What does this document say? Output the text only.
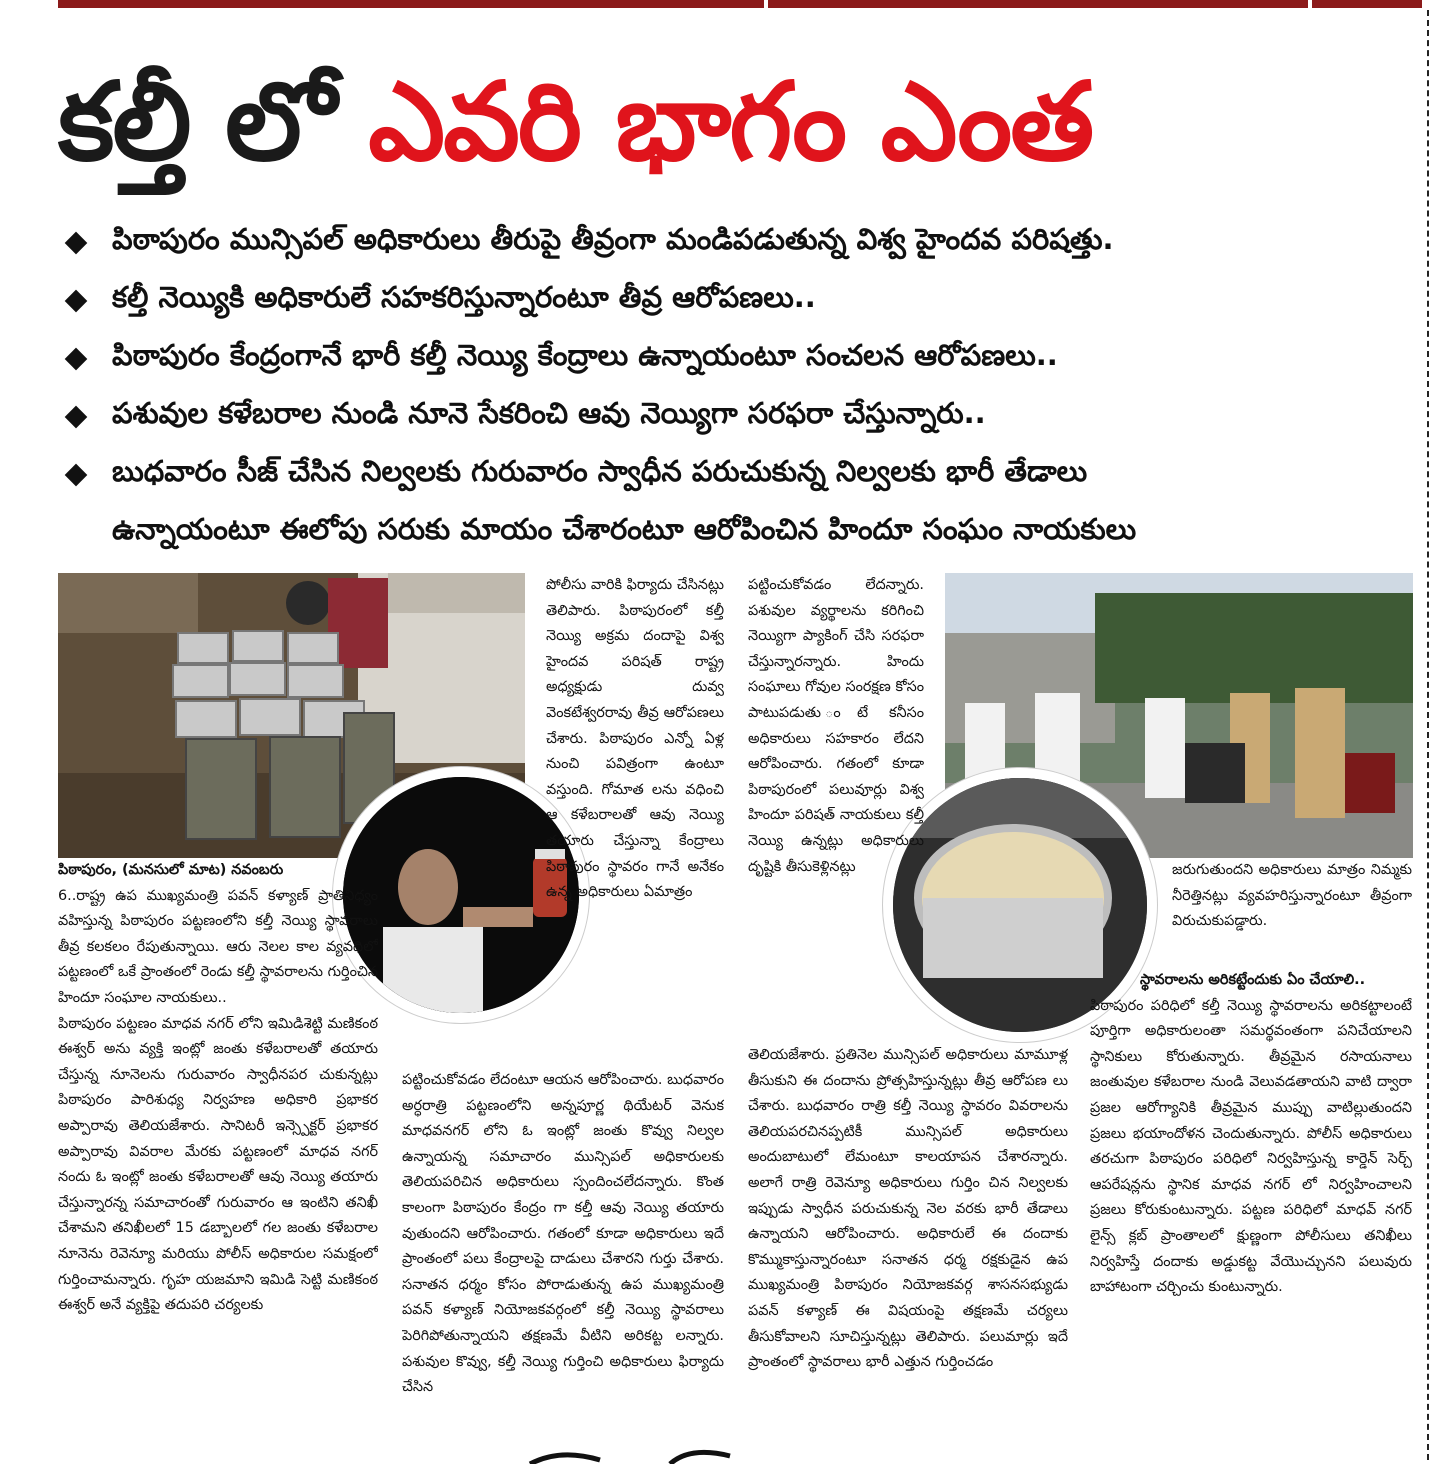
కల్తీ లో ఎవరి భాగం ఎంత
పిఠాపురం మున్సిపల్ అధికారులు తీరుపై తీవ్రంగా మండిపడుతున్న విశ్వ హైందవ పరిషత్తు.
కల్తీ నెయ్యికి అధికారులే సహకరిస్తున్నారంటూ తీవ్ర ఆరోపణలు..
పిఠాపురం కేంద్రంగానే భారీ కల్తీ నెయ్యి కేంద్రాలు ఉన్నాయంటూ సంచలన ఆరోపణలు..
పశువుల కళేబరాల నుండి నూనె సేకరించి ఆవు నెయ్యిగా సరఫరా చేస్తున్నారు..
బుధవారం సీజ్ చేసిన నిల్వలకు గురువారం స్వాధీన పరుచుకున్న నిల్వలకు భారీ తేడాలు
ఉన్నాయంటూ ఈలోపు సరుకు మాయం చేశారంటూ ఆరోపించిన హిందూ సంఘం నాయకులు

పిఠాపురం, (మనసులో మాట) నవంబరు

6..రాష్ట్ర ఉప ముఖ్యమంత్రి పవన్ కళ్యాణ్ ప్రాతినిధ్యం వహిస్తున్న పిఠాపురం పట్టణంలోని కల్తీ నెయ్యి స్థావరాలు తీవ్ర కలకలం రేపుతున్నాయి. ఆరు నెలల కాల వ్యవధిలో పట్టణంలో ఒకే ప్రాంతంలో రెండు కల్తీ స్థావరాలను గుర్తించిన హిందూ సంఘాల నాయకులు..

పిఠాపురం పట్టణం మాధవ నగర్ లోని ఇమిడిశెట్టి మణికంఠ ఈశ్వర్ అను వ్యక్తి ఇంట్లో జంతు కళేబరాలతో తయారు చేస్తున్న నూనెలను గురువారం స్వాధీనపర చుకున్నట్లు పిఠాపురం పారిశుధ్య నిర్వహణ అధికారి ప్రభాకర అప్పారావు తెలియజేశారు. సానిటరీ ఇన్స్పెక్టర్ ప్రభాకర అప్పారావు వివరాల మేరకు పట్టణంలో మాధవ నగర్ నందు ఓ ఇంట్లో జంతు కళేబరాలతో ఆవు నెయ్యి తయారు చేస్తున్నారన్న సమాచారంతో గురువారం ఆ ఇంటిని తనిఖీ చేశామని తనిఖీలలో 15 డబ్బాలలో గల జంతు కళేబరాల నూనెను రెవెన్యూ మరియు పోలీస్ అధికారుల సమక్షంలో గుర్తించామన్నారు. గృహ యజమాని ఇమిడి సెట్టి మణికంఠ ఈశ్వర్ అనే వ్యక్తిపై తదుపరి చర్యలకు

పోలీసు వారికి ఫిర్యాదు చేసినట్లు తెలిపారు. పిఠాపురంలో కల్తీ నెయ్యి అక్రమ దందాపై విశ్వ హైందవ పరిషత్ రాష్ట్ర అధ్యక్షుడు దువ్వ వెంకటేశ్వరరావు తీవ్ర ఆరోపణలు చేశారు. పిఠాపురం ఎన్నో ఏళ్ల నుంచి పవిత్రంగా ఉంటూ వస్తుంది. గోమాత లను వధించి ఆ కళేబరాలతో ఆవు నెయ్యి తయారు చేస్తున్నా కేంద్రాలు పిఠాపురం స్థావరం గానే అనేకం ఉన్న అధికారులు ఏమాత్రం

పట్టించుకోవడం లేదంటూ ఆయన ఆరోపించారు. బుధవారం అర్ధరాత్రి పట్టణంలోని అన్నపూర్ణ థియేటర్ వెనుక మాధవనగర్ లోని ఓ ఇంట్లో జంతు కొవ్వు నిల్వల ఉన్నాయన్న సమాచారం మున్సిపల్ అధికారులకు తెలియపరిచిన అధికారులు స్పందించలేదన్నారు. కొంత కాలంగా పిఠాపురం కేంద్రం గా కల్తీ ఆవు నెయ్యి తయారు వుతుందని ఆరోపించారు. గతంలో కూడా అధికారులు ఇదే ప్రాంతంలో పలు కేంద్రాలపై దాడులు చేశారని గుర్తు చేశారు. సనాతన ధర్మం కోసం పోరాడుతున్న ఉప ముఖ్యమంత్రి పవన్ కళ్యాణ్ నియోజకవర్గంలో కల్తీ నెయ్యి స్థావరాలు పెరిగిపోతున్నాయని తక్షణమే వీటిని అరికట్ట లన్నారు. పశువుల కొవ్వు, కల్తీ నెయ్యి గుర్తించి అధికారులు ఫిర్యాదు చేసిన

పట్టించుకోవడం లేదన్నారు. పశువుల వ్యర్థాలను కరిగించి నెయ్యిగా ప్యాకింగ్ చేసి సరఫరా చేస్తున్నారన్నారు. హిందు సంఘాలు గోవుల సంరక్షణ కోసం పాటుపడుతు ంటే కనీసం అధికారులు సహకారం లేదని ఆరోపించారు. గతంలో కూడా పిఠాపురంలో పలువూర్లు విశ్వ హిందూ పరిషత్ నాయకులు కల్తీ నెయ్యి ఉన్నట్లు అధికారులు దృష్టికి తీసుకెళ్లినట్లు

తెలియజేశారు. ప్రతినెల మున్సిపల్ అధికారులు మామూళ్ల తీసుకుని ఈ దందాను ప్రోత్సహిస్తున్నట్లు తీవ్ర ఆరోపణ లు చేశారు. బుధవారం రాత్రి కల్తీ నెయ్యి స్థావరం వివరాలను తెలియపరచినప్పటికీ మున్సిపల్ అధికారులు అందుబాటులో లేమంటూ కాలయాపన చేశారన్నారు. అలాగే రాత్రి రెవెన్యూ అధికారులు గుర్తిం చిన నిల్వలకు ఇప్పుడు స్వాధీన పరుచుకున్న నెల వరకు భారీ తేడాలు ఉన్నాయని ఆరోపించారు. అధికారులే ఈ దందాకు కొమ్ముకాస్తున్నారంటూ సనాతన ధర్మ రక్షకుడైన ఉప ముఖ్యమంత్రి పిఠాపురం నియోజకవర్గ శాసనసభ్యుడు పవన్ కళ్యాణ్ ఈ విషయంపై తక్షణమే చర్యలు తీసుకోవాలని సూచిస్తున్నట్లు తెలిపారు. పలుమార్లు ఇదే ప్రాంతంలో స్థావరాలు భారీ ఎత్తున గుర్తించడం

జరుగుతుందని అధికారులు మాత్రం నిమ్మకు నీరెత్తినట్లు వ్యవహరిస్తున్నారంటూ తీవ్రంగా విరుచుకుపడ్డారు.

స్థావరాలను అరికట్టేందుకు ఏం చేయాలి..

పిఠాపురం పరిధిలో కల్తీ నెయ్యి స్థావరాలను అరికట్టాలంటే పూర్తిగా అధికారులంతా సమర్థవంతంగా పనిచేయాలని స్థానికులు కోరుతున్నారు. తీవ్రమైన రసాయనాలు జంతువుల కళేబరాల నుండి వెలువడతాయని వాటి ద్వారా ప్రజల ఆరోగ్యానికి తీవ్రమైన ముప్పు వాటిల్లుతుందని ప్రజలు భయాందోళన చెందుతున్నారు. పోలీస్ అధికారులు తరచుగా పిఠాపురం పరిధిలో నిర్వహిస్తున్న కార్డెన్ సెర్చ్ ఆపరేషన్లను స్థానిక మాధవ నగర్ లో నిర్వహించాలని ప్రజలు కోరుకుంటున్నారు. పట్టణ పరిధిలో మాధవ్ నగర్ లైన్స్ క్లబ్ ప్రాంతాలలో క్షుణ్ణంగా పోలీసులు తనిఖీలు నిర్వహిస్తే దందాకు అడ్డుకట్ట వేయొచ్చునని పలువురు బాహాటంగా చర్చించు కుంటున్నారు.
